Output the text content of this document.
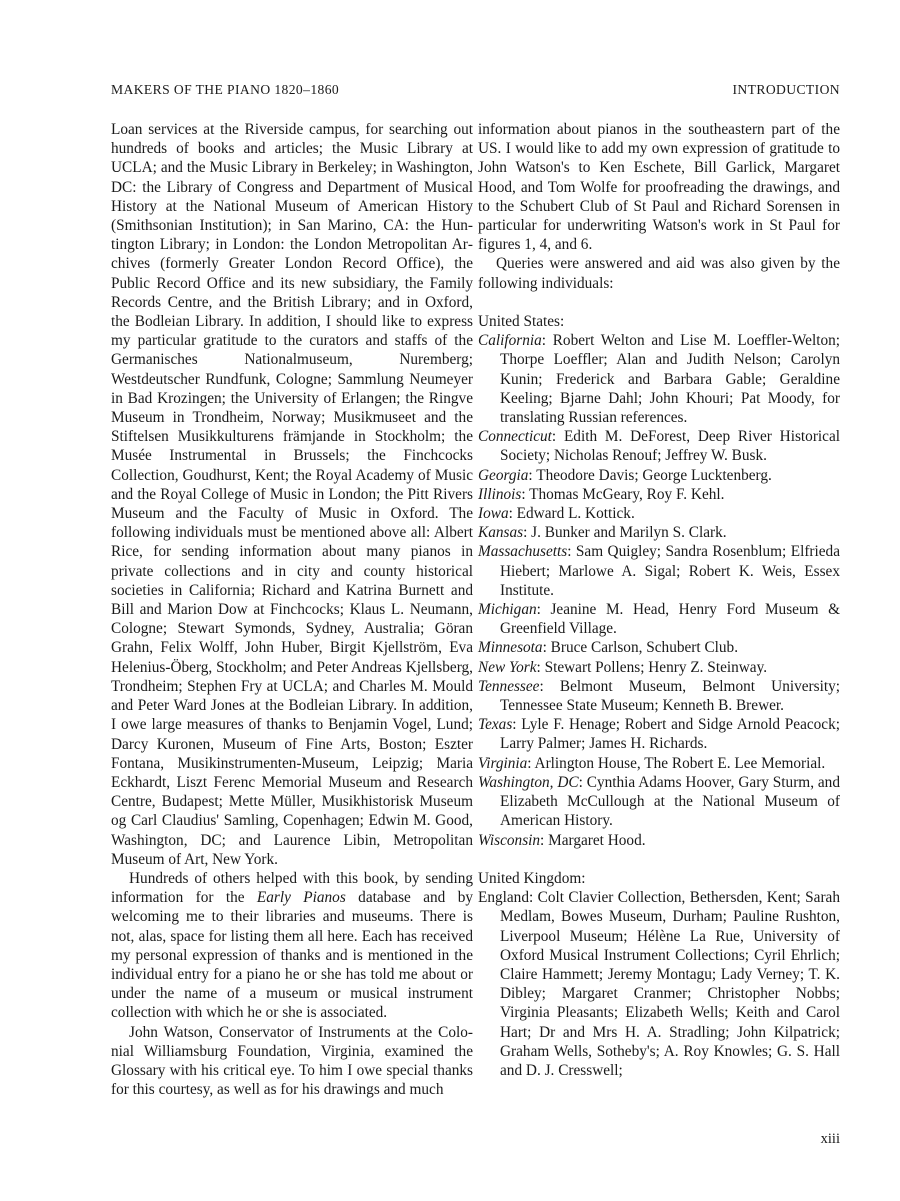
MAKERS OF THE PIANO 1820–1860	INTRODUCTION

Loan services at the Riverside campus, for searching out hundreds of books and articles; the Music Library at UCLA; and the Music Library in Berkeley; in Washington, DC: the Library of Congress and Department of Musical History at the National Museum of American History (Smithsonian Institution); in San Marino, CA: the Huntington Library; in London: the London Metropolitan Archives (formerly Greater London Record Office), the Public Record Office and its new subsidiary, the Family Records Centre, and the British Library; and in Oxford, the Bodleian Library. In addition, I should like to express my particular gratitude to the curators and staffs of the Germanisches Nationalmuseum, Nuremberg; Westdeutscher Rundfunk, Cologne; Sammlung Neumeyer in Bad Krozingen; the University of Erlangen; the Ringve Museum in Trondheim, Norway; Musikmuseet and the Stiftelsen Musikkulturens främjande in Stockholm; the Musée Instrumental in Brussels; the Finchcocks Collection, Goudhurst, Kent; the Royal Academy of Music and the Royal College of Music in London; the Pitt Rivers Museum and the Faculty of Music in Oxford. The following individuals must be mentioned above all: Albert Rice, for sending information about many pianos in private collections and in city and county historical societies in California; Richard and Katrina Burnett and Bill and Marion Dow at Finchcocks; Klaus L. Neumann, Cologne; Stewart Symonds, Sydney, Australia; Göran Grahn, Felix Wolff, John Huber, Birgit Kjellström, Eva Helenius-Öberg, Stockholm; and Peter Andreas Kjellsberg, Trondheim; Stephen Fry at UCLA; and Charles M. Mould and Peter Ward Jones at the Bodleian Library. In addition, I owe large measures of thanks to Benjamin Vogel, Lund; Darcy Kuronen, Museum of Fine Arts, Boston; Eszter Fontana, Musikinstrumenten-Museum, Leipzig; Maria Eckhardt, Liszt Ferenc Memorial Museum and Research Centre, Budapest; Mette Müller, Musikhistorisk Museum og Carl Claudius' Samling, Copenhagen; Edwin M. Good, Washington, DC; and Laurence Libin, Metropolitan Museum of Art, New York.

Hundreds of others helped with this book, by sending information for the Early Pianos database and by welcoming me to their libraries and museums. There is not, alas, space for listing them all here. Each has received my personal expression of thanks and is mentioned in the individual entry for a piano he or she has told me about or under the name of a museum or musical instrument collection with which he or she is associated.

John Watson, Conservator of Instruments at the Colonial Williamsburg Foundation, Virginia, examined the Glossary with his critical eye. To him I owe special thanks for this courtesy, as well as for his drawings and much

information about pianos in the southeastern part of the US. I would like to add my own expression of gratitude to John Watson's to Ken Eschete, Bill Garlick, Margaret Hood, and Tom Wolfe for proofreading the drawings, and to the Schubert Club of St Paul and Richard Sorensen in particular for underwriting Watson's work in St Paul for figures 1, 4, and 6.

Queries were answered and aid was also given by the following individuals:

United States:

California: Robert Welton and Lise M. Loeffler-Welton; Thorpe Loeffler; Alan and Judith Nelson; Carolyn Kunin; Frederick and Barbara Gable; Geraldine Keeling; Bjarne Dahl; John Khouri; Pat Moody, for translating Russian references.

Connecticut: Edith M. DeForest, Deep River Historical Society; Nicholas Renouf; Jeffrey W. Busk.

Georgia: Theodore Davis; George Lucktenberg.

Illinois: Thomas McGeary, Roy F. Kehl.

Iowa: Edward L. Kottick.

Kansas: J. Bunker and Marilyn S. Clark.

Massachusetts: Sam Quigley; Sandra Rosenblum; Elfrieda Hiebert; Marlowe A. Sigal; Robert K. Weis, Essex Institute.

Michigan: Jeanine M. Head, Henry Ford Museum & Greenfield Village.

Minnesota: Bruce Carlson, Schubert Club.

New York: Stewart Pollens; Henry Z. Steinway.

Tennessee: Belmont Museum, Belmont University; Tennessee State Museum; Kenneth B. Brewer.

Texas: Lyle F. Henage; Robert and Sidge Arnold Peacock; Larry Palmer; James H. Richards.

Virginia: Arlington House, The Robert E. Lee Memorial.

Washington, DC: Cynthia Adams Hoover, Gary Sturm, and Elizabeth McCullough at the National Museum of American History.

Wisconsin: Margaret Hood.

United Kingdom:

England: Colt Clavier Collection, Bethersden, Kent; Sarah Medlam, Bowes Museum, Durham; Pauline Rushton, Liverpool Museum; Hélène La Rue, University of Oxford Musical Instrument Collections; Cyril Ehrlich; Claire Hammett; Jeremy Montagu; Lady Verney; T. K. Dibley; Margaret Cranmer; Christopher Nobbs; Virginia Pleasants; Elizabeth Wells; Keith and Carol Hart; Dr and Mrs H. A. Stradling; John Kilpatrick; Graham Wells, Sotheby's; A. Roy Knowles; G. S. Hall and D. J. Cresswell;

xiii
